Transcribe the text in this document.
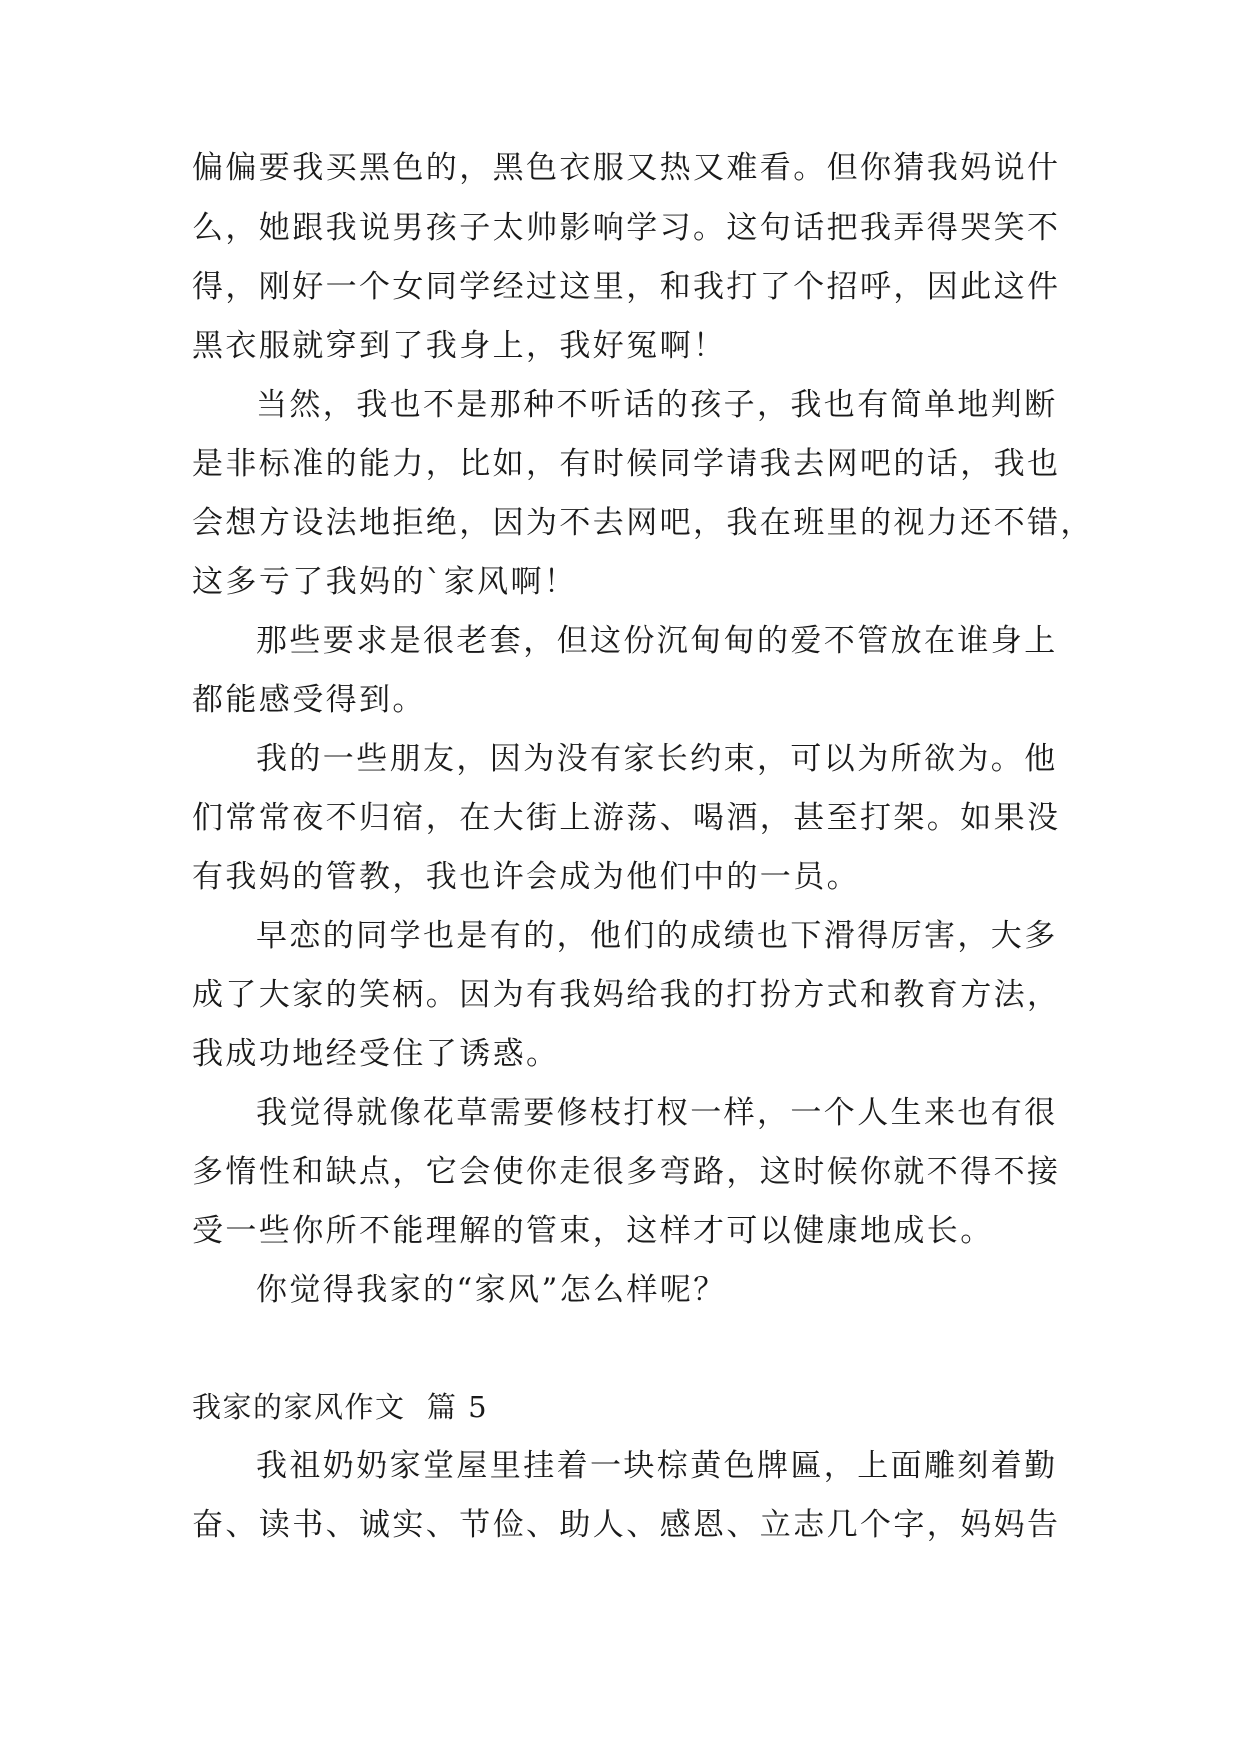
偏偏要我买黑色的，黑色衣服又热又难看。但你猜我妈说什
么，她跟我说男孩子太帅影响学习。这句话把我弄得哭笑不
得，刚好一个女同学经过这里，和我打了个招呼，因此这件
黑衣服就穿到了我身上，我好冤啊！
当然，我也不是那种不听话的孩子，我也有简单地判断
是非标准的能力，比如，有时候同学请我去网吧的话，我也
会想方设法地拒绝，因为不去网吧，我在班里的视力还不错，
这多亏了我妈的`家风啊！
那些要求是很老套，但这份沉甸甸的爱不管放在谁身上
都能感受得到。
我的一些朋友，因为没有家长约束，可以为所欲为。他
们常常夜不归宿，在大街上游荡、喝酒，甚至打架。如果没
有我妈的管教，我也许会成为他们中的一员。
早恋的同学也是有的，他们的成绩也下滑得厉害，大多
成了大家的笑柄。因为有我妈给我的打扮方式和教育方法，
我成功地经受住了诱惑。
我觉得就像花草需要修枝打杈一样，一个人生来也有很
多惰性和缺点，它会使你走很多弯路，这时候你就不得不接
受一些你所不能理解的管束，这样才可以健康地成长。
你觉得我家的“家风”怎么样呢？
我家的家风作文  篇 5
我祖奶奶家堂屋里挂着一块棕黄色牌匾，上面雕刻着勤
奋、读书、诚实、节俭、助人、感恩、立志几个字，妈妈告
